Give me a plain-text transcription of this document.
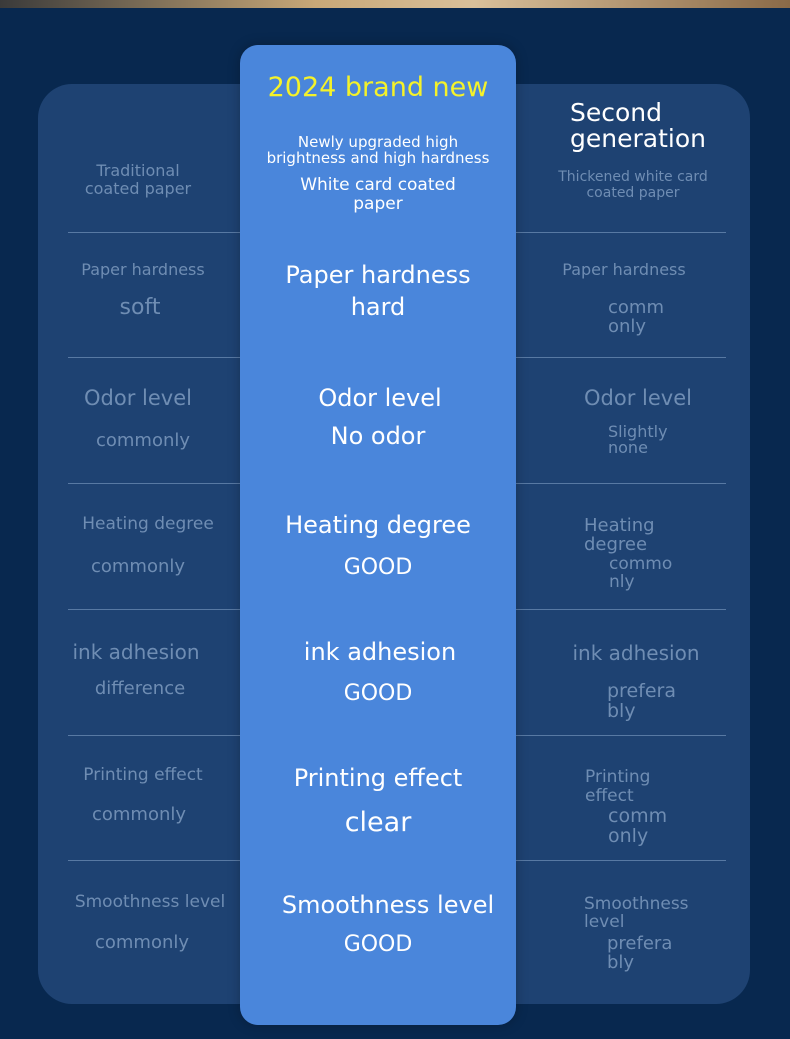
Traditional
coated paper
2024 brand new
Newly upgraded high
brightness and high hardness
White card coated
paper
Second
generation
Thickened white card
coated paper
Paper hardness
soft
Paper hardness
hard
Paper hardness
comm
only
Odor level
commonly
Odor level
No odor
Odor level
Slightly
none
Heating degree
commonly
Heating degree
GOOD
Heating
degree
commo
nly
ink adhesion
difference
ink adhesion
GOOD
ink adhesion
prefera
bly
Printing effect
commonly
Printing effect
clear
Printing
effect
comm
only
Smoothness level
commonly
Smoothness level
GOOD
Smoothness
level
prefera
bly
